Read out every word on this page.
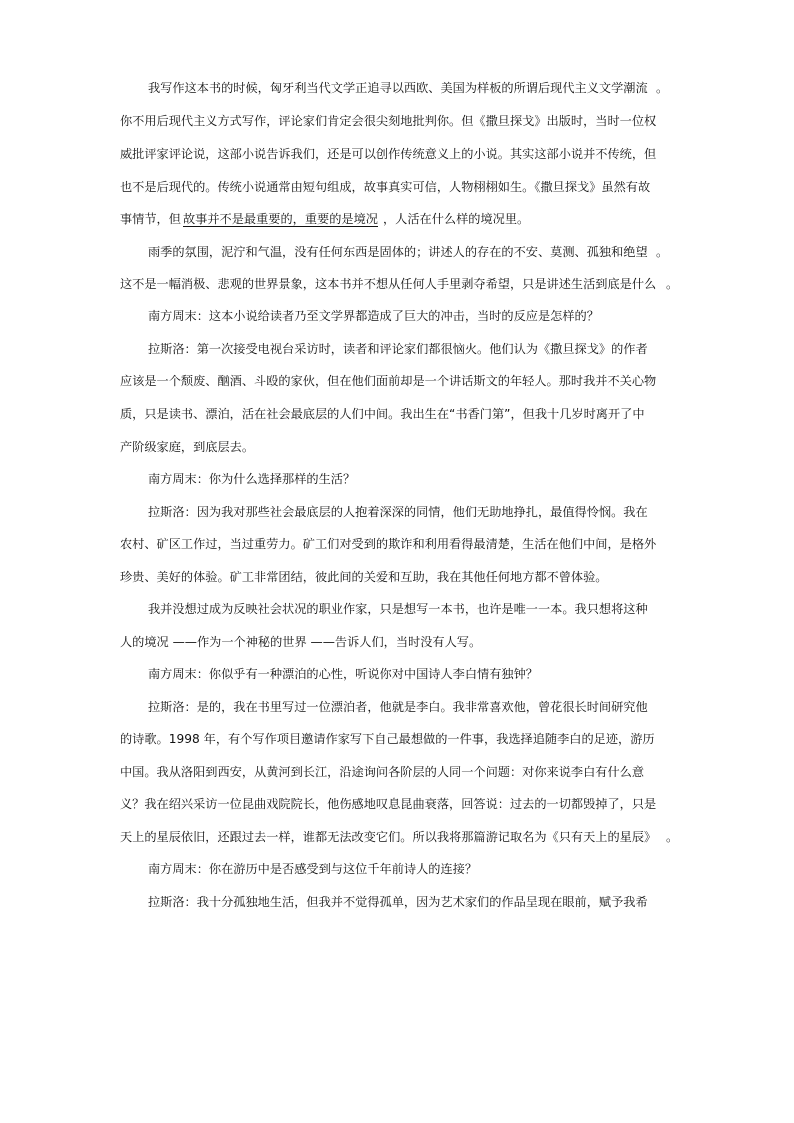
我写作这本书的时候，匈牙利当代文学正追寻以西欧、美国为样板的所谓后现代主义文学潮流 。
你不用后现代主义方式写作，评论家们肯定会很尖刻地批判你。但《撒旦探戈》出版时，当时一位权
威批评家评论说，这部小说告诉我们，还是可以创作传统意义上的小说。其实这部小说并不传统，但
也不是后现代的。传统小说通常由短句组成，故事真实可信，人物栩栩如生。《撒旦探戈》虽然有故
事情节，但 故事并不是最重要的，重要的是境况 ，人活在什么样的境况里。
雨季的氛围，泥泞和气温，没有任何东西是固体的；讲述人的存在的不安、莫测、孤独和绝望 。
这不是一幅消极、悲观的世界景象，这本书并不想从任何人手里剥夺希望，只是讲述生活到底是什么 。
南方周末：这本小说给读者乃至文学界都造成了巨大的冲击，当时的反应是怎样的？
拉斯洛：第一次接受电视台采访时，读者和评论家们都很恼火。他们认为《撒旦探戈》的作者
应该是一个颓废、酗酒、斗殴的家伙，但在他们面前却是一个讲话斯文的年轻人。那时我并不关心物
质，只是读书、漂泊，活在社会最底层的人们中间。我出生在“书香门第”，但我十几岁时离开了中
产阶级家庭，到底层去。
南方周末：你为什么选择那样的生活？
拉斯洛：因为我对那些社会最底层的人抱着深深的同情，他们无助地挣扎，最值得怜悯。我在
农村、矿区工作过，当过重劳力。矿工们对受到的欺诈和利用看得最清楚，生活在他们中间，是格外
珍贵、美好的体验。矿工非常团结，彼此间的关爱和互助，我在其他任何地方都不曾体验。
我并没想过成为反映社会状况的职业作家，只是想写一本书，也许是唯一一本。我只想将这种
人的境况 ——作为一个神秘的世界 ——告诉人们，当时没有人写。
南方周末：你似乎有一种漂泊的心性，听说你对中国诗人李白情有独钟？
拉斯洛：是的，我在书里写过一位漂泊者，他就是李白。我非常喜欢他，曾花很长时间研究他
的诗歌。1998 年，有个写作项目邀请作家写下自己最想做的一件事，我选择追随李白的足迹，游历
中国。我从洛阳到西安，从黄河到长江，沿途询问各阶层的人同一个问题：对你来说李白有什么意
义？我在绍兴采访一位昆曲戏院院长，他伤感地叹息昆曲衰落，回答说：过去的一切都毁掉了，只是
天上的星辰依旧，还跟过去一样，谁都无法改变它们。所以我将那篇游记取名为《只有天上的星辰》 。
南方周末：你在游历中是否感受到与这位千年前诗人的连接？
拉斯洛：我十分孤独地生活，但我并不觉得孤单，因为艺术家们的作品呈现在眼前，赋予我希
